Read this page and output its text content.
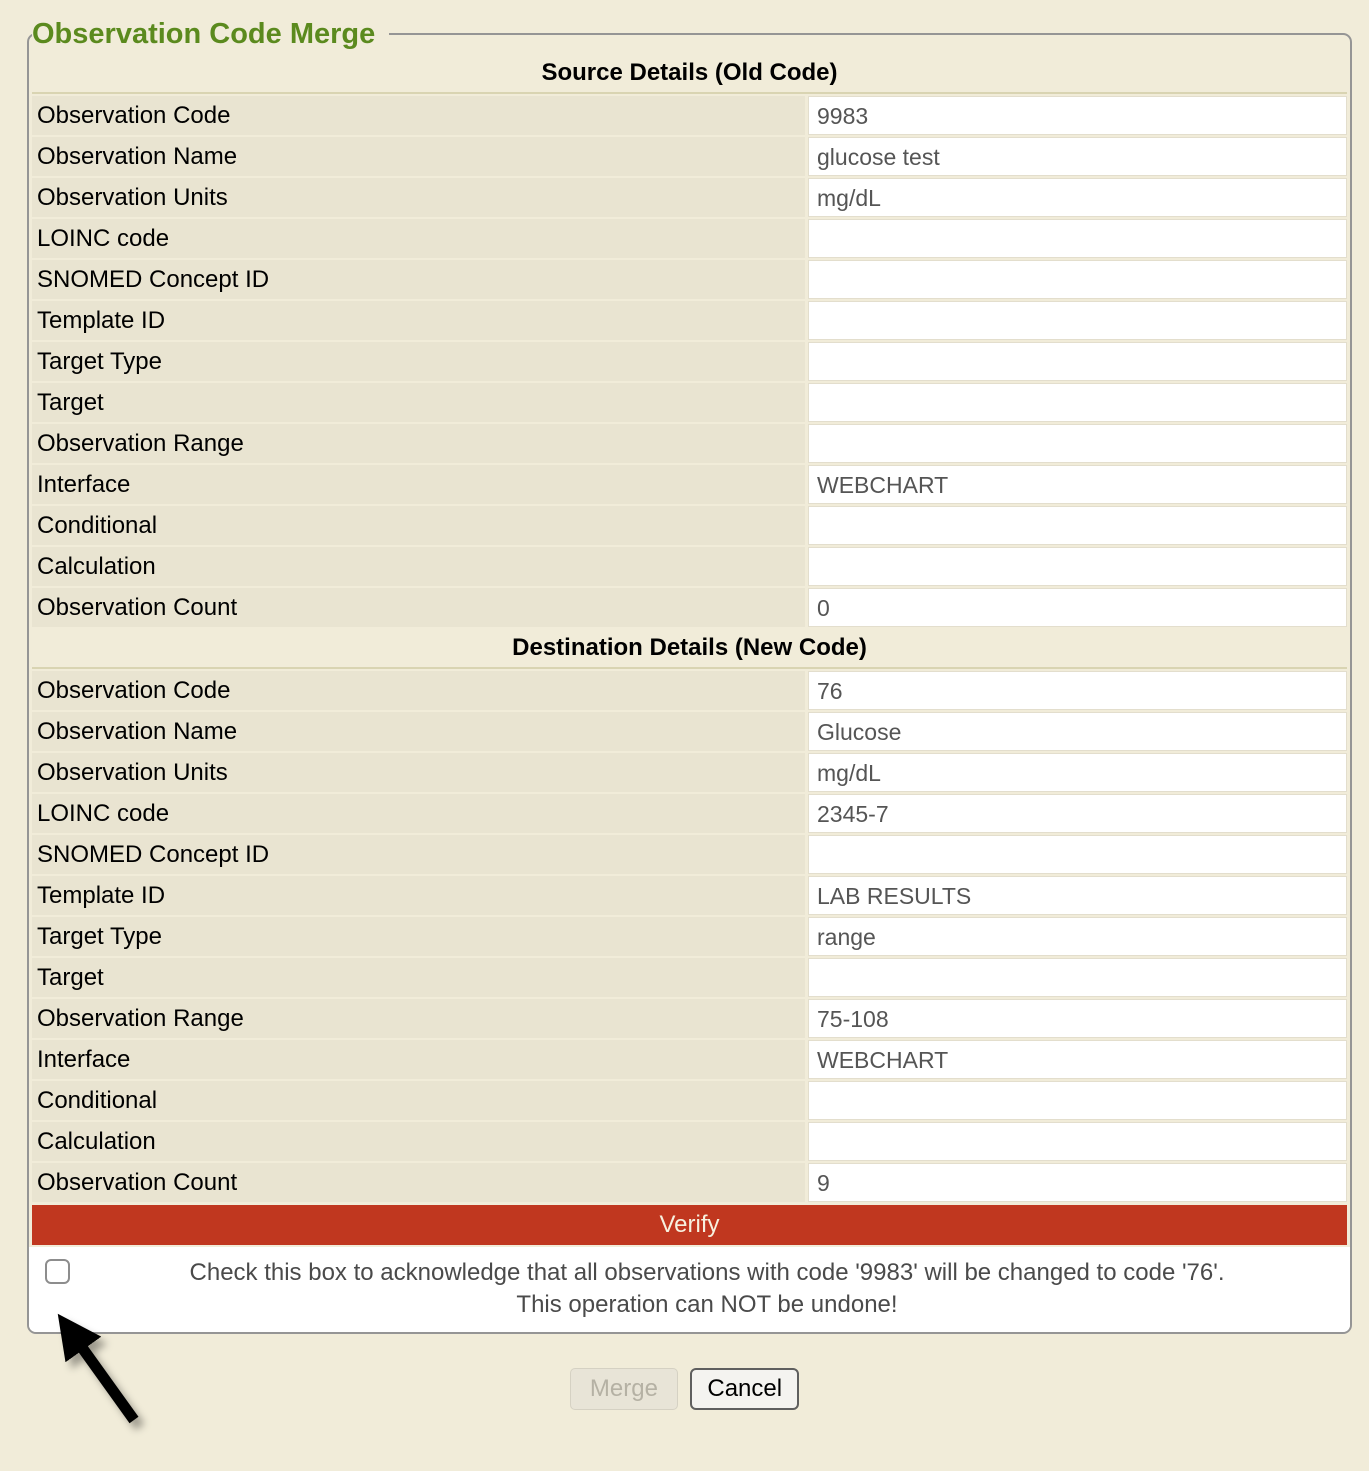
Observation Code Merge
Source Details (Old Code)
Observation Code	9983
Observation Name	glucose test
Observation Units	mg/dL
LOINC code
SNOMED Concept ID
Template ID
Target Type
Target
Observation Range
Interface	WEBCHART
Conditional
Calculation
Observation Count	0
Destination Details (New Code)
Observation Code	76
Observation Name	Glucose
Observation Units	mg/dL
LOINC code	2345-7
SNOMED Concept ID
Template ID	LAB RESULTS
Target Type	range
Target
Observation Range	75-108
Interface	WEBCHART
Conditional
Calculation
Observation Count	9
Verify
Check this box to acknowledge that all observations with code '9983' will be changed to code '76'.
This operation can NOT be undone!
Merge Cancel
